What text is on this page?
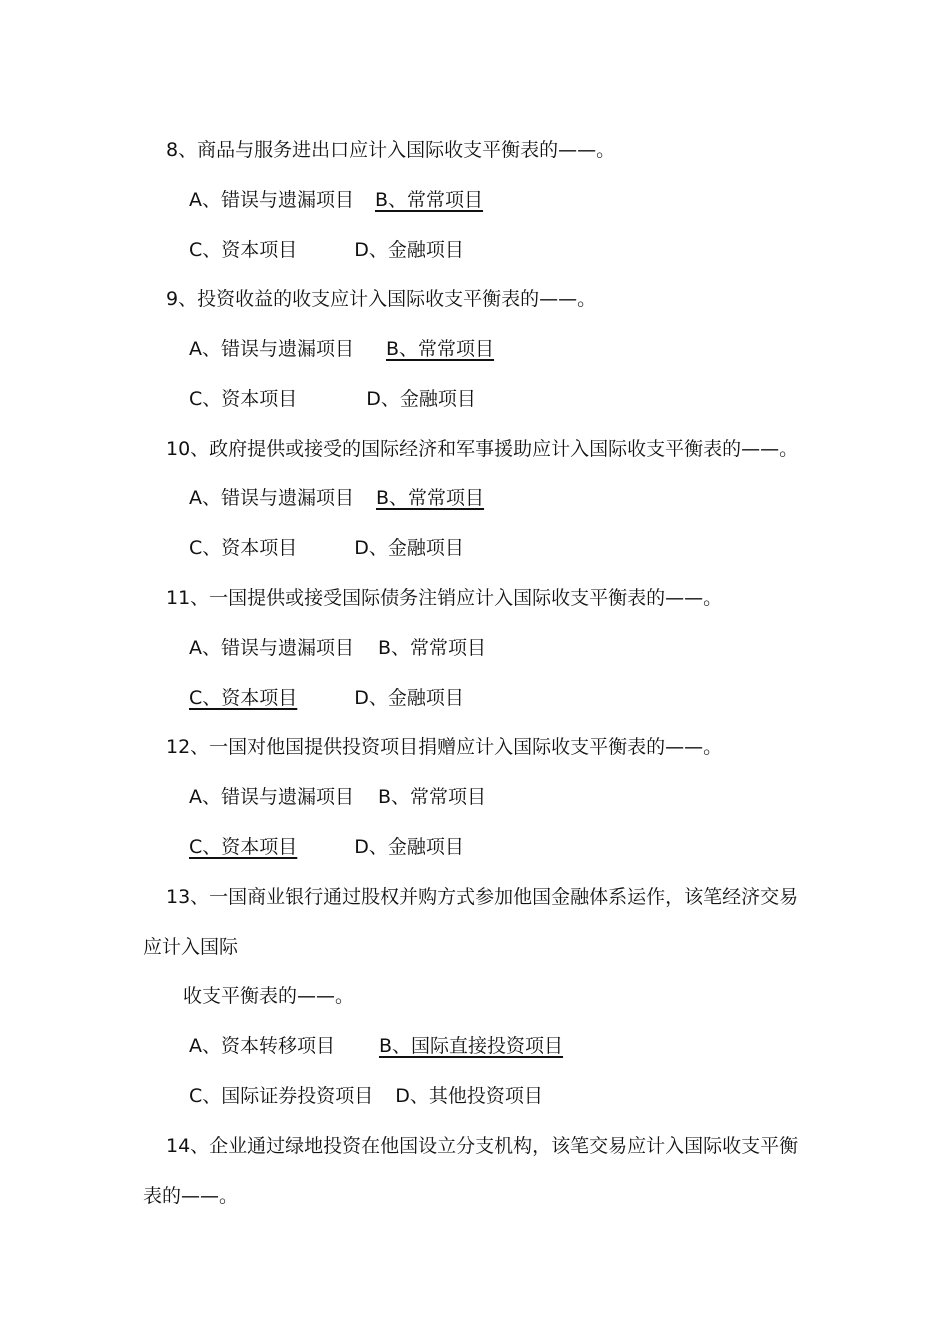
8、商品与服务进出口应计入国际收支平衡表的——。
A、错误与遗漏项目 B、常常项目
C、资本项目	D、金融项目
9、投资收益的收支应计入国际收支平衡表的——。
A、错误与遗漏项目 B、常常项目
C、资本项目	D、金融项目
10、政府提供或接受的国际经济和军事援助应计入国际收支平衡表的——。
A、错误与遗漏项目 B、常常项目
C、资本项目	D、金融项目
11、一国提供或接受国际债务注销应计入国际收支平衡表的——。
A、错误与遗漏项目 B、常常项目
C、资本项目	D、金融项目
12、一国对他国提供投资项目捐赠应计入国际收支平衡表的——。
A、错误与遗漏项目 B、常常项目
C、资本项目	D、金融项目
13、一国商业银行通过股权并购方式参加他国金融体系运作，该笔经济交易
应计入国际
收支平衡表的——。
A、资本转移项目 B、国际直接投资项目
C、国际证券投资项目 D、其他投资项目
14、企业通过绿地投资在他国设立分支机构，该笔交易应计入国际收支平衡
表的——。
